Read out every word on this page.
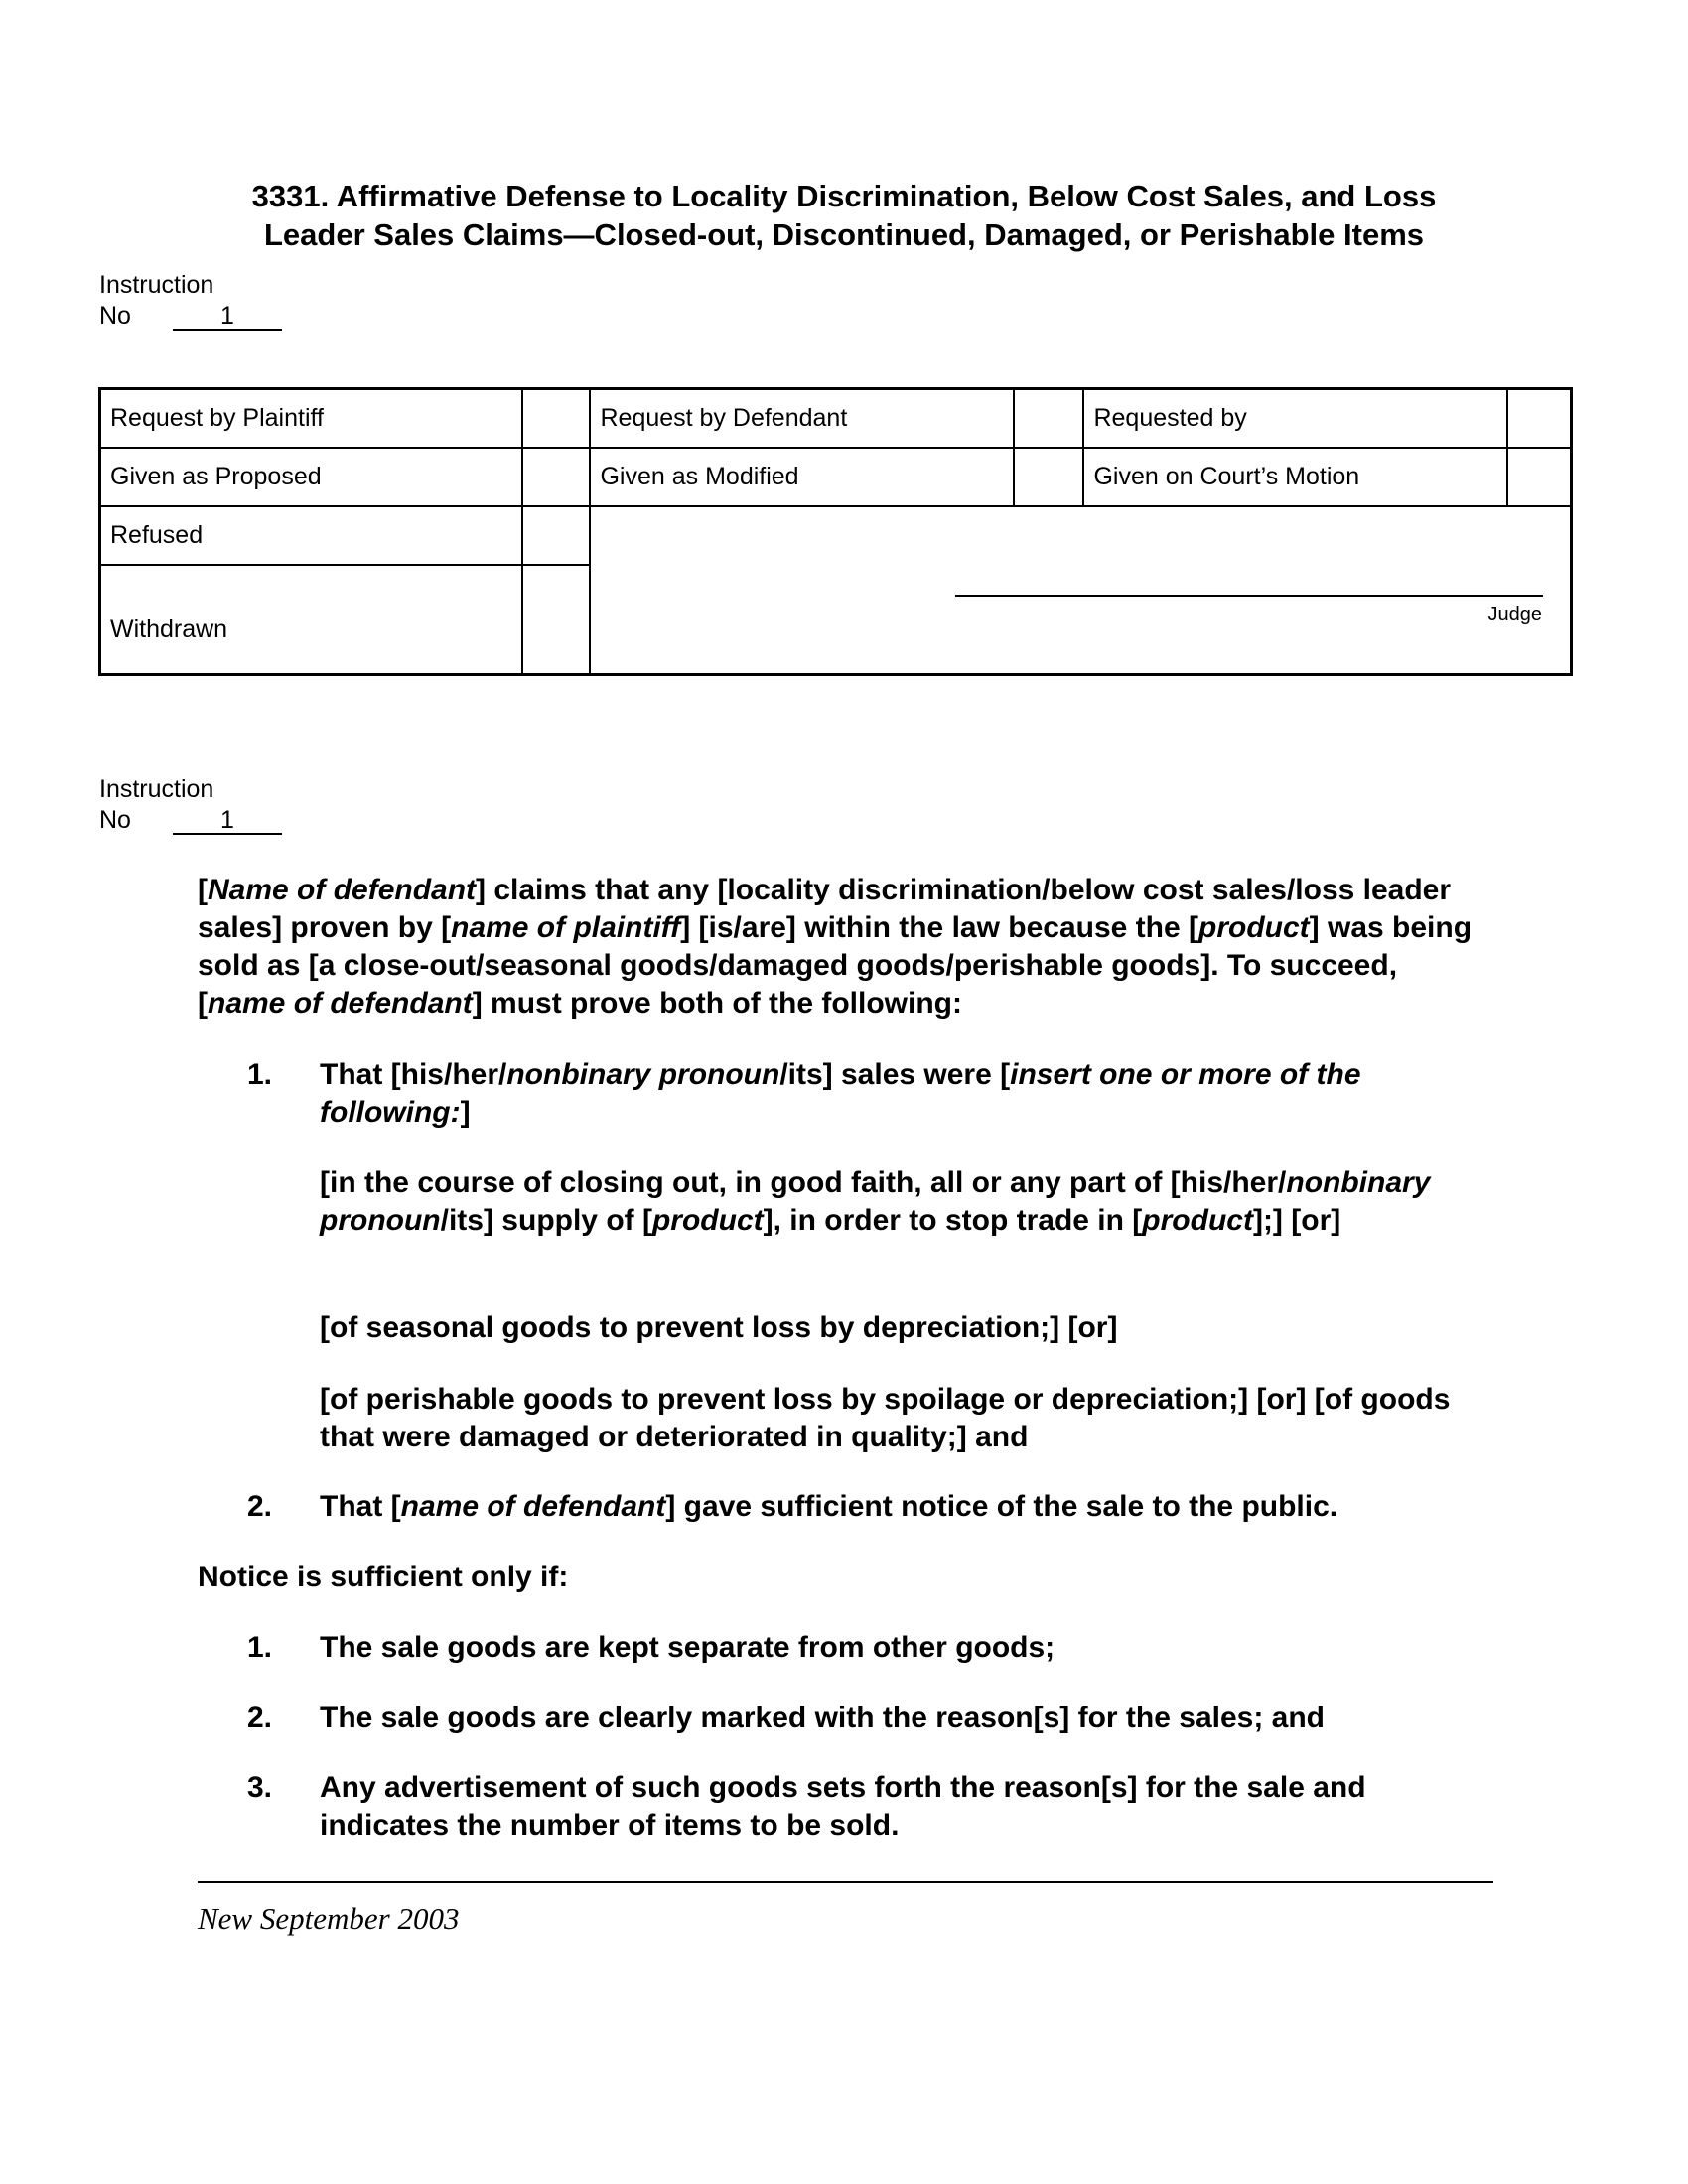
3331. Affirmative Defense to Locality Discrimination, Below Cost Sales, and Loss
Leader Sales Claims—Closed-out, Discontinued, Damaged, or Perishable Items
Instruction
No	1
Request by Plaintiff		Request by Defendant		Requested by	
Given as Proposed		Given as Modified		Given on Court’s Motion	
Refused		Judge			

Withdrawn					
Instruction
No	1
[Name of defendant] claims that any [locality discrimination/below cost sales/loss leader sales] proven by [name of plaintiff] [is/are] within the law because the [product] was being sold as [a close-out/seasonal goods/damaged goods/perishable goods]. To succeed, [name of defendant] must prove both of the following:
1. That [his/her/nonbinary pronoun/its] sales were [insert one or more of the following:]
[in the course of closing out, in good faith, all or any part of [his/her/nonbinary pronoun/its] supply of [product], in order to stop trade in [product];] [or]
[of seasonal goods to prevent loss by depreciation;] [or]
[of perishable goods to prevent loss by spoilage or depreciation;] [or] [of goods that were damaged or deteriorated in quality;] and
2. That [name of defendant] gave sufficient notice of the sale to the public.
Notice is sufficient only if:
1. The sale goods are kept separate from other goods;
2. The sale goods are clearly marked with the reason[s] for the sales; and
3. Any advertisement of such goods sets forth the reason[s] for the sale and indicates the number of items to be sold.
New September 2003
